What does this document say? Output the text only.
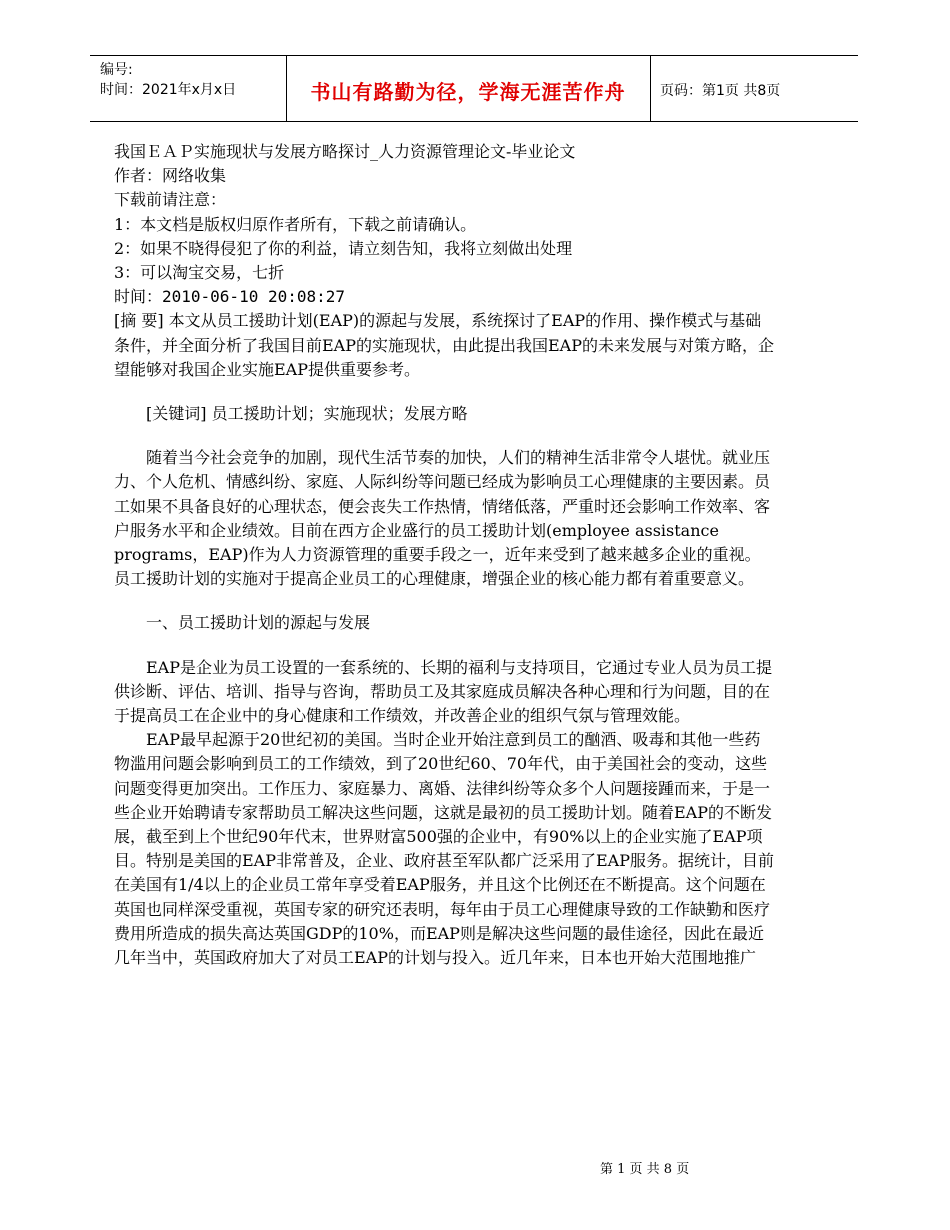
编号:
时间：2021年x月x日	书山有路勤为径，学海无涯苦作舟	页码：第1页 共8页

我国ＥＡＰ实施现状与发展方略探讨_人力资源管理论文-毕业论文

作者：网络收集

下载前请注意：

1：本文档是版权归原作者所有，下载之前请确认。

2：如果不晓得侵犯了你的利益，请立刻告知，我将立刻做出处理

3：可以淘宝交易，七折

时间：2010-06-10 20:08:27

[摘 要] 本文从员工援助计划(EAP)的源起与发展，系统探讨了EAP的作用、操作模式与基础条件，并全面分析了我国目前EAP的实施现状，由此提出我国EAP的未来发展与对策方略，企望能够对我国企业实施EAP提供重要参考。

[关键词] 员工援助计划；实施现状；发展方略

随着当今社会竞争的加剧，现代生活节奏的加快，人们的精神生活非常令人堪忧。就业压力、个人危机、情感纠纷、家庭、人际纠纷等问题已经成为影响员工心理健康的主要因素。员工如果不具备良好的心理状态，便会丧失工作热情，情绪低落，严重时还会影响工作效率、客户服务水平和企业绩效。目前在西方企业盛行的员工援助计划(employee assistance programs，EAP)作为人力资源管理的重要手段之一，近年来受到了越来越多企业的重视。员工援助计划的实施对于提高企业员工的心理健康，增强企业的核心能力都有着重要意义。

一、员工援助计划的源起与发展

EAP是企业为员工设置的一套系统的、长期的福利与支持项目，它通过专业人员为员工提供诊断、评估、培训、指导与咨询，帮助员工及其家庭成员解决各种心理和行为问题，目的在于提高员工在企业中的身心健康和工作绩效，并改善企业的组织气氛与管理效能。

EAP最早起源于20世纪初的美国。当时企业开始注意到员工的酗酒、吸毒和其他一些药物滥用问题会影响到员工的工作绩效，到了20世纪60、70年代，由于美国社会的变动，这些问题变得更加突出。工作压力、家庭暴力、离婚、法律纠纷等众多个人问题接踵而来，于是一些企业开始聘请专家帮助员工解决这些问题，这就是最初的员工援助计划。随着EAP的不断发展，截至到上个世纪90年代末，世界财富500强的企业中，有90%以上的企业实施了EAP项目。特别是美国的EAP非常普及，企业、政府甚至军队都广泛采用了EAP服务。据统计，目前在美国有1/4以上的企业员工常年享受着EAP服务，并且这个比例还在不断提高。这个问题在英国也同样深受重视，英国专家的研究还表明，每年由于员工心理健康导致的工作缺勤和医疗费用所造成的损失高达英国GDP的10%，而EAP则是解决这些问题的最佳途径，因此在最近几年当中，英国政府加大了对员工EAP的计划与投入。近几年来，日本也开始大范围地推广

第 1 页 共 8 页
